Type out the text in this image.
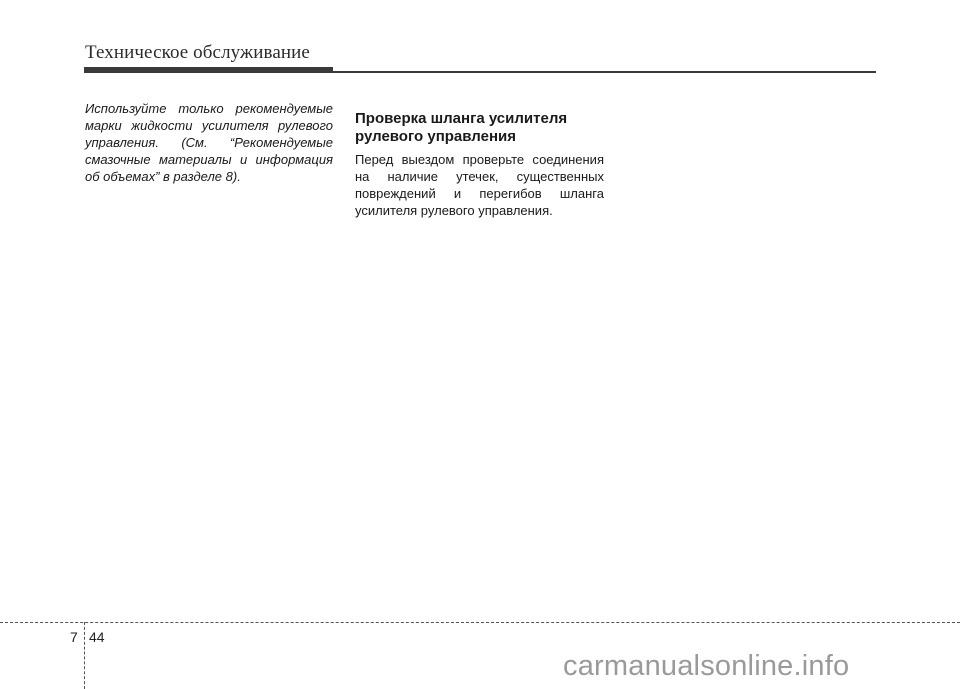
Техническое обслуживание

Используйте только рекомендуемые марки жидкости усилителя рулевого управления. (См. “Рекомендуемые смазочные материалы и информация об объемах” в разделе 8).

Проверка шланга усилителя рулевого управления

Перед выездом проверьте соединения на наличие утечек, существенных повреждений и перегибов шланга усилителя рулевого управления.

7 44
carmanualsonline.info
